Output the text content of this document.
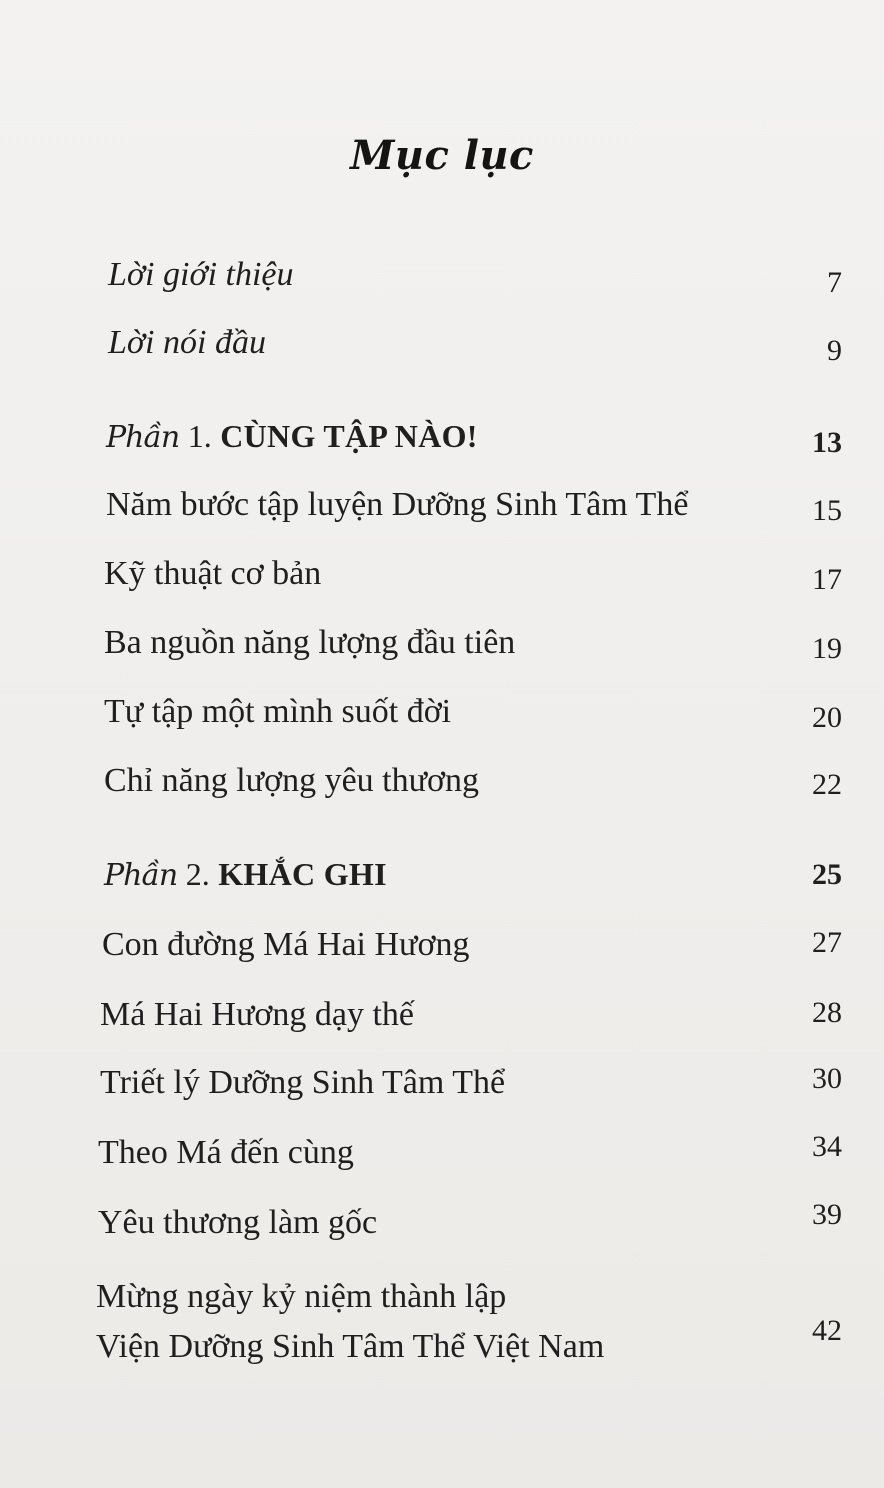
Mục lục
Lời giới thiệu	7
Lời nói đầu	9
Phần 1. CÙNG TẬP NÀO!	13
Năm bước tập luyện Dưỡng Sinh Tâm Thể	15
Kỹ thuật cơ bản	17
Ba nguồn năng lượng đầu tiên	19
Tự tập một mình suốt đời	20
Chỉ năng lượng yêu thương	22
Phần 2. KHẮC GHI	25
Con đường Má Hai Hương	27
Má Hai Hương dạy thế	28
Triết lý Dưỡng Sinh Tâm Thể	30
Theo Má đến cùng	34
Yêu thương làm gốc	39
Mừng ngày kỷ niệm thành lập
Viện Dưỡng Sinh Tâm Thể Việt Nam	42
